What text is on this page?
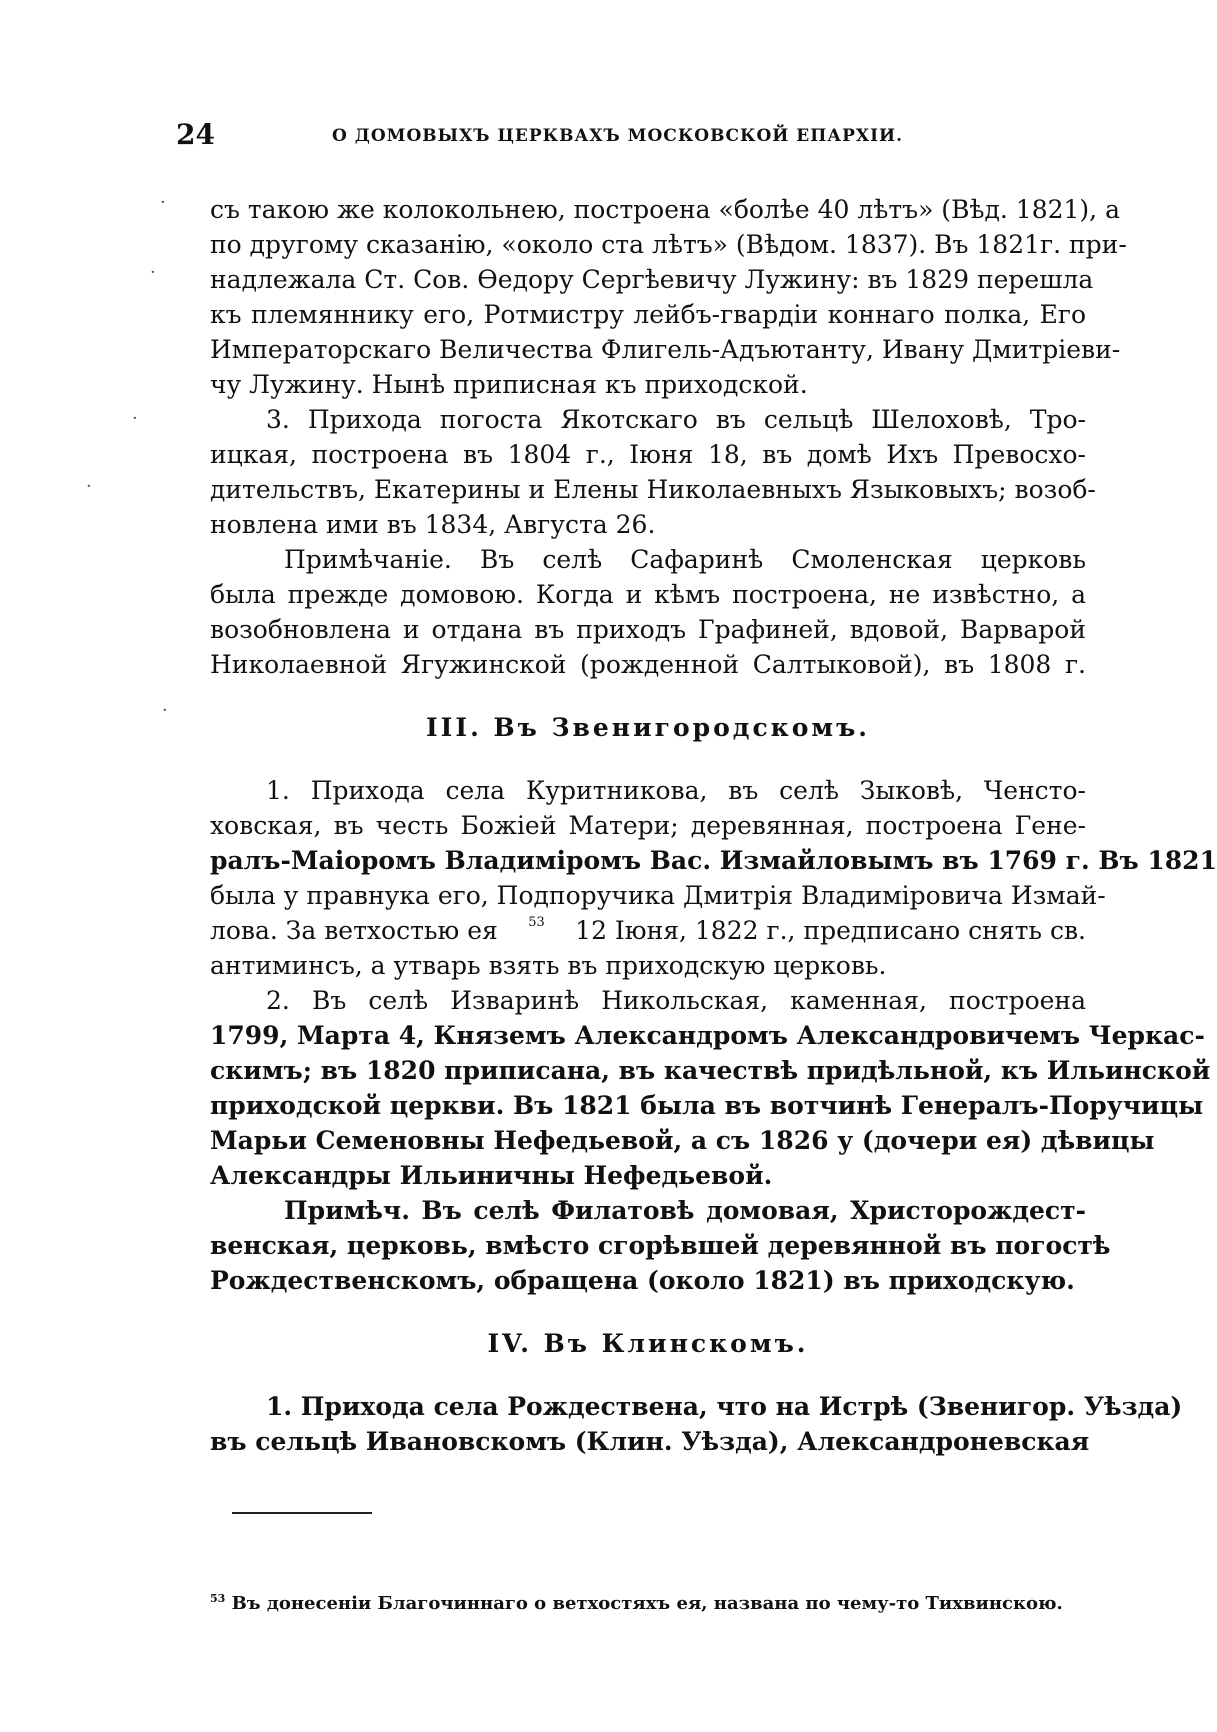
24	О ДОМОВЫХЪ ЦЕРКВАХЪ МОСКОВСКОЙ ЕПАРХІИ.
·
·
·
·
·
съ такою же колокольнею, построена «болѣе 40 лѣтъ» (Вѣд. 1821), а
по другому сказанію, «около ста лѣтъ» (Вѣдом. 1837). Въ 1821г. при-
надлежала Ст. Сов. Ѳедору Сергѣевичу Лужину: въ 1829 перешла
къ племяннику его, Ротмистру лейбъ-гвардіи коннаго полка, Его
Императорскаго Величества Флигель-Адъютанту, Ивану Дмитріеви-
чу Лужину. Нынѣ приписная къ приходской.
3. Прихода погоста Якотскаго въ сельцѣ Шелоховѣ, Тро-
ицкая, построена въ 1804 г., Іюня 18, въ домѣ Ихъ Превосхо-
дительствъ, Екатерины и Елены Николаевныхъ Языковыхъ; возоб-
новлена ими въ 1834, Августа 26.
Примѣчаніе. Въ селѣ Сафаринѣ Смоленская церковь
была прежде домовою. Когда и кѣмъ построена, не извѣстно, а
возобновлена и отдана въ приходъ Графиней, вдовой, Варварой
Николаевной Ягужинской (рожденной Салтыковой), въ 1808 г.
III. Въ Звенигородскомъ.
1. Прихода села Куритникова, въ селѣ Зыковѣ, Ченсто-
ховская, въ честь Божіей Матери; деревянная, построена Гене-
ралъ-Маіоромъ Владиміромъ Вас. Измайловымъ въ 1769 г. Въ 1821
была у правнука его, Подпоручика Дмитрія Владиміровича Измай-
лова. За ветхостью ея 53 12 Іюня, 1822 г., предписано снять св.
антиминсъ, а утварь взять въ приходскую церковь.
2. Въ селѣ Изваринѣ Никольская, каменная, построена
1799, Марта 4, Княземъ Александромъ Александровичемъ Черкас-
скимъ; въ 1820 приписана, въ качествѣ придѣльной, къ Ильинской
приходской церкви. Въ 1821 была въ вотчинѣ Генералъ-Поручицы
Марьи Семеновны Нефедьевой, а съ 1826 у (дочери ея) дѣвицы
Александры Ильиничны Нефедьевой.
Примѣч. Въ селѣ Филатовѣ домовая, Христорождест-
венская, церковь, вмѣсто сгорѣвшей деревянной въ погостѣ
Рождественскомъ, обращена (около 1821) въ приходскую.
IV. Въ Клинскомъ.
1. Прихода села Рождествена, что на Истрѣ (Звенигор. Уѣзда)
въ сельцѣ Ивановскомъ (Клин. Уѣзда), Александроневская
$^{53}$ Въ донесеніи Благочиннаго о ветхостяхъ ея, названа по чему-то Тихвинскою.
